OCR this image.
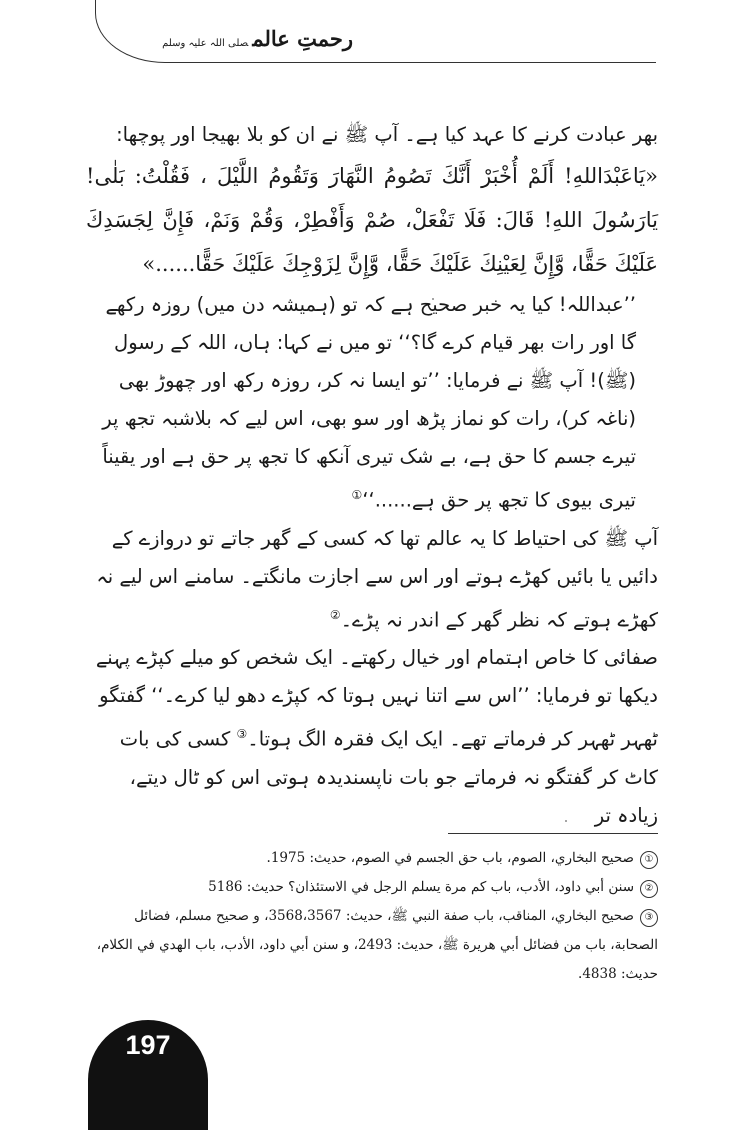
رحمتِ عالمصلی اللہ علیہ وسلم

بھر عبادت کرنے کا عہد کیا ہے۔ آپ ﷺ نے ان کو بلا بھیجا اور پوچھا:

«يَاعَبْدَاللهِ! أَلَمْ أُخْبَرْ أَنَّكَ تَصُومُ النَّهَارَ وَتَقُومُ اللَّيْلَ ، فَقُلْتُ: بَلٰى! يَارَسُولَ اللهِ! قَالَ: فَلَا تَفْعَلْ، صُمْ وَأَفْطِرْ، وَقُمْ وَنَمْ، فَإِنَّ لِجَسَدِكَ عَلَيْكَ حَقًّا، وَّإِنَّ لِعَيْنِكَ عَلَيْكَ حَقًّا، وَّإِنَّ لِزَوْجِكَ عَلَيْكَ حَقًّا......»

’’عبداللہ! کیا یہ خبر صحیح ہے کہ تو (ہمیشہ دن میں) روزہ رکھے گا اور رات بھر قیام کرے گا؟‘‘ تو میں نے کہا: ہاں، اللہ کے رسول (ﷺ)! آپ ﷺ نے فرمایا: ’’تو ایسا نہ کر، روزہ رکھ اور چھوڑ بھی (ناغہ کر)، رات کو نماز پڑھ اور سو بھی، اس لیے کہ بلاشبہ تجھ پر تیرے جسم کا حق ہے، بے شک تیری آنکھ کا تجھ پر حق ہے اور یقیناً تیری بیوی کا تجھ پر حق ہے......‘‘①

آپ ﷺ کی احتیاط کا یہ عالم تھا کہ کسی کے گھر جاتے تو دروازے کے دائیں یا بائیں کھڑے ہوتے اور اس سے اجازت مانگتے۔ سامنے اس لیے نہ کھڑے ہوتے کہ نظر گھر کے اندر نہ پڑے۔②

صفائی کا خاص اہتمام اور خیال رکھتے۔ ایک شخص کو میلے کپڑے پہنے دیکھا تو فرمایا: ’’اس سے اتنا نہیں ہوتا کہ کپڑے دھو لیا کرے۔‘‘ گفتگو ٹھہر ٹھہر کر فرماتے تھے۔ ایک ایک فقرہ الگ ہوتا۔③ کسی کی بات کاٹ کر گفتگو نہ فرماتے جو بات ناپسندیدہ ہوتی اس کو ٹال دیتے، زیادہ تر

①صحيح البخاري، الصوم، باب حق الجسم في الصوم، حديث: 1975.

②سنن أبي داود، الأدب، باب كم مرة يسلم الرجل في الاستئذان؟ حديث: 5186

③صحيح البخاري، المناقب، باب صفة النبي ﷺ، حديث: 3568،3567، و صحيح مسلم، فضائل الصحابة، باب من فضائل أبي هريرة ﷺ، حديث: 2493، و سنن أبي داود، الأدب، باب الهدي في الكلام، حديث: 4838.

197
